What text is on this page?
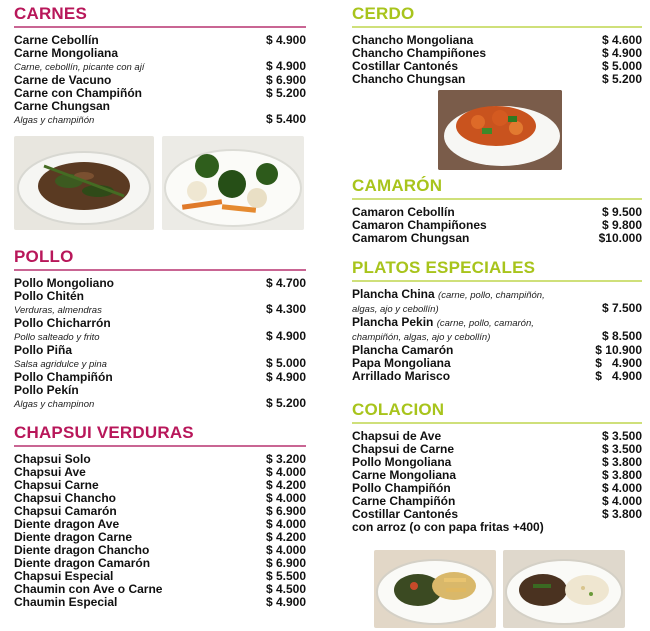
CARNES
Carne Cebollín	$ 4.900
Carne Mongoliana
Carne, cebollín, picante con ají	$ 4.900
Carne de Vacuno	$ 6.900
Carne con Champiñón	$ 5.200
Carne Chungsan
Algas y champiñón	$ 5.400
POLLO
Pollo Mongoliano	$ 4.700
Pollo Chitén
Verduras, almendras	$ 4.300
Pollo Chicharrón
Pollo salteado y frito	$ 4.900
Pollo Piña
Salsa agridulce y pina	$ 5.000
Pollo Champiñón	$ 4.900
Pollo Pekín
Algas y champinon	$ 5.200
CHAPSUI VERDURAS
Chapsui Solo	$ 3.200
Chapsui Ave	$ 4.000
Chapsui Carne	$ 4.200
Chapsui Chancho	$ 4.000
Chapsui Camarón	$ 6.900
Diente dragon Ave	$ 4.000
Diente dragon Carne	$ 4.200
Diente dragon Chancho	$ 4.000
Diente dragon Camarón	$ 6.900
Chapsui Especial	$ 5.500
Chaumin con Ave o Carne	$ 4.500
Chaumin Especial	$ 4.900
CERDO
Chancho Mongoliana	$ 4.600
Chancho Champiñones	$ 4.900
Costillar Cantonés	$ 5.000
Chancho Chungsan	$ 5.200
CAMARÓN
Camaron Cebollín	$ 9.500
Camaron Champiñones	$ 9.800
Camarom Chungsan	$10.000
PLATOS ESPECIALES
Plancha China (carne, pollo, champiñón,
algas, ajo y cebollín)	$ 7.500
Plancha Pekin (carne, pollo, camarón,
champiñón, algas, ajo y cebollín)	$ 8.500
Plancha Camarón	$ 10.900
Papa Mongoliana	$   4.900
Arrillado Marisco	$   4.900
COLACION
Chapsui de Ave	$ 3.500
Chapsui de Carne	$ 3.500
Pollo Mongoliana	$ 3.800
Carne Mongoliana	$ 3.800
Pollo Champiñón	$ 4.000
Carne Champiñón	$ 4.000
Costillar Cantonés	$ 3.800
con arroz (o con papa fritas +400)
